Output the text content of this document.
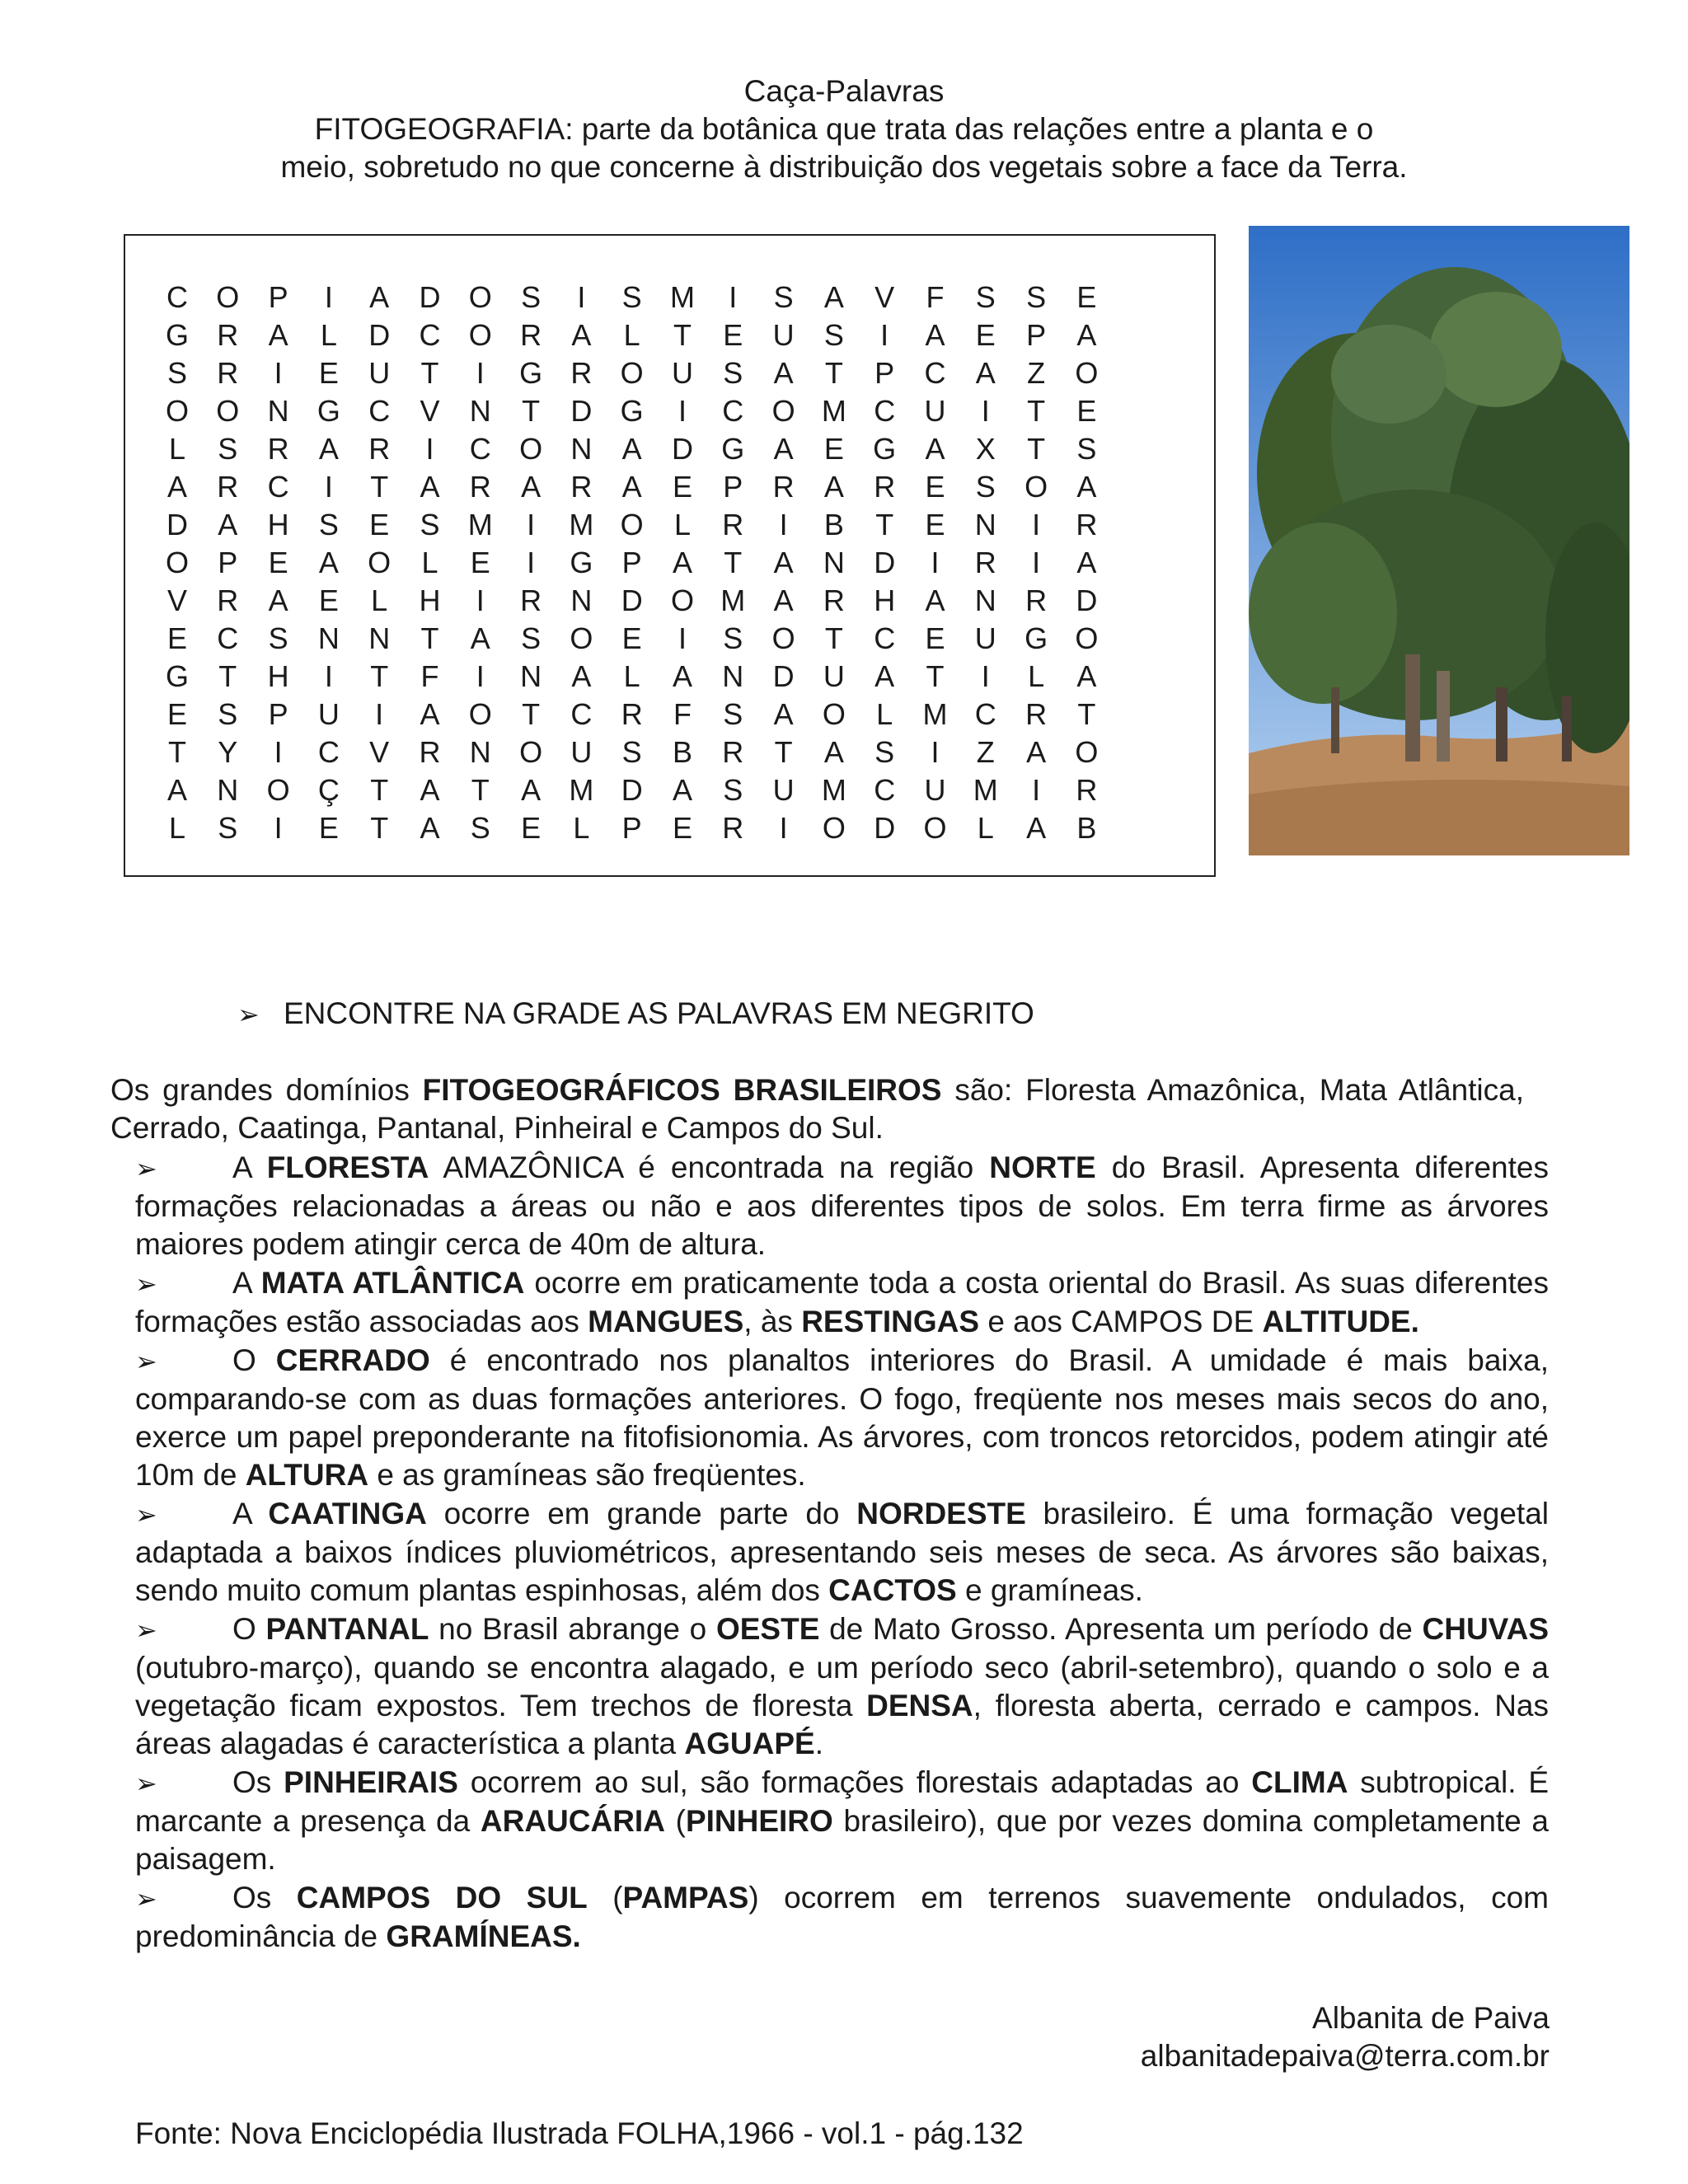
Caça-Palavras
FITOGEOGRAFIA: parte da botânica que trata das relações entre a planta e o
meio, sobretudo no que concerne à distribuição dos vegetais sobre a face da Terra.
C O P	I	A	D O S	I	S M	I	S	A	V	F	S	S	E
G R	A	L	D C O R	A	L	T	E	U	S	I	A	E	P	A
S	R	I	E	U	T	I	G R O U	S	A	T	P	C	A	Z	O
O O N G C	V	N	T	D G	I	C O M C U	I	T	E
L	S	R	A	R	I	C O N	A	D G A	E G A	X	T	S
A	R C	I	T	A	R	A	R	A	E	P	R	A	R	E	S O A
D	A	H	S	E	S M	I	M O	L	R	I	B	T	E	N	I	R
O P	E	A O	L	E	I	G P	A	T	A	N D	I	R	I	A
V	R	A	E	L	H	I	R N D O M A	R H	A	N R D
E	C	S	N N	T	A	S O E	I	S O	T	C	E	U G O
G	T	H	I	T	F	I	N	A	L	A	N D U	A	T	I	L	A
E	S	P	U	I	A O	T	C R	F	S	A O	L	M C R	T
T	Y	I	C	V	R N O U	S	B	R	T	A	S	I	Z	A O
A	N O Ç	T	A	T	A M D	A	S	U M C U M	I	R
L	S	I	E	T	A	S	E	L	P	E	R	I	O D O	L	A	B
➢ ENCONTRE NA GRADE AS PALAVRAS EM NEGRITO
Os grandes domínios FITOGEOGRÁFICOS BRASILEIROS são: Floresta Amazônica, Mata Atlântica, Cerrado, Caatinga, Pantanal, Pinheiral e Campos do Sul.
➢ A FLORESTA AMAZÔNICA é encontrada na região NORTE do Brasil. Apresenta diferentes formações relacionadas a áreas ou não e aos diferentes tipos de solos. Em terra firme as árvores maiores podem atingir cerca de 40m de altura.
➢ A MATA ATLÂNTICA ocorre em praticamente toda a costa oriental do Brasil. As suas diferentes formações estão associadas aos MANGUES, às RESTINGAS e aos CAMPOS DE ALTITUDE.
➢ O CERRADO é encontrado nos planaltos interiores do Brasil. A umidade é mais baixa, comparando-se com as duas formações anteriores. O fogo, freqüente nos meses mais secos do ano, exerce um papel preponderante na fitofisionomia. As árvores, com troncos retorcidos, podem atingir até 10m de ALTURA e as gramíneas são freqüentes.
➢ A CAATINGA ocorre em grande parte do NORDESTE brasileiro. É uma formação vegetal adaptada a baixos índices pluviométricos, apresentando seis meses de seca. As árvores são baixas, sendo muito comum plantas espinhosas, além dos CACTOS e gramíneas.
➢ O PANTANAL no Brasil abrange o OESTE de Mato Grosso. Apresenta um período de CHUVAS (outubro-março), quando se encontra alagado, e um período seco (abril-setembro), quando o solo e a vegetação ficam expostos. Tem trechos de floresta DENSA, floresta aberta, cerrado e campos. Nas áreas alagadas é característica a planta AGUAPÉ.
➢ Os PINHEIRAIS ocorrem ao sul, são formações florestais adaptadas ao CLIMA subtropical. É marcante a presença da ARAUCÁRIA (PINHEIRO brasileiro), que por vezes domina completamente a paisagem.
➢ Os CAMPOS DO SUL (PAMPAS) ocorrem em terrenos suavemente ondulados, com predominância de GRAMÍNEAS.
Albanita de Paiva
albanitadepaiva@terra.com.br
Fonte: Nova Enciclopédia Ilustrada FOLHA,1966 - vol.1 - pág.132
